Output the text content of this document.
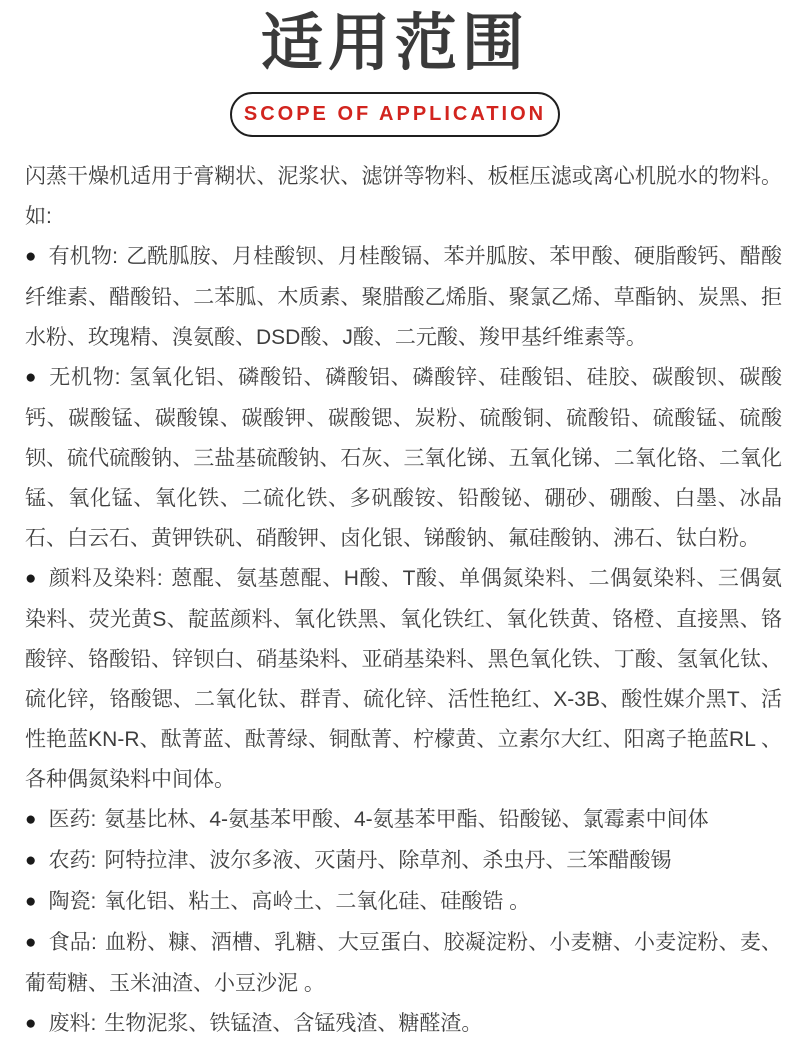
适用范围
SCOPE OF APPLICATION

闪蒸干燥机适用于膏糊状、泥浆状、滤饼等物料、板框压滤或离心机脱水的物料。如:

● 有机物: 乙酰胍胺、月桂酸钡、月桂酸镉、苯并胍胺、苯甲酸、硬脂酸钙、醋酸纤维素、醋酸铅、二苯胍、木质素、聚腊酸乙烯脂、聚氯乙烯、草酯钠、炭黑、拒水粉、玫瑰精、溴氨酸、DSD酸、J酸、二元酸、羧甲基纤维素等。

● 无机物: 氢氧化铝、磷酸铅、磷酸铝、磷酸锌、硅酸铝、硅胶、碳酸钡、碳酸钙、碳酸锰、碳酸镍、碳酸钾、碳酸锶、炭粉、硫酸铜、硫酸铅、硫酸锰、硫酸钡、硫代硫酸钠、三盐基硫酸钠、石灰、三氧化锑、五氧化锑、二氧化铬、二氧化锰、氧化锰、氧化铁、二硫化铁、多矾酸铵、铅酸铋、硼砂、硼酸、白墨、冰晶石、白云石、黄钾铁矾、硝酸钾、卤化银、锑酸钠、氟硅酸钠、沸石、钛白粉。

● 颜料及染料: 蒽醌、氨基蒽醌、H酸、T酸、单偶氮染料、二偶氨染料、三偶氨染料、荧光黄S、靛蓝颜料、氧化铁黑、氧化铁红、氧化铁黄、铬橙、直接黑、铬酸锌、铬酸铅、锌钡白、硝基染料、亚硝基染料、黑色氧化铁、丁酸、氢氧化钛、硫化锌，铬酸锶、二氧化钛、群青、硫化锌、活性艳红、X-3B、酸性媒介黑T、活性艳蓝KN-R、酞菁蓝、酞菁绿、铜酞菁、柠檬黄、立素尔大红、阳离子艳蓝RL 、各种偶氮染料中间体。

● 医药: 氨基比林、4-氨基苯甲酸、4-氨基苯甲酯、铅酸铋、氯霉素中间体

● 农药: 阿特拉津、波尔多液、灭菌丹、除草剂、杀虫丹、三笨醋酸锡

● 陶瓷: 氧化铝、粘土、高岭土、二氧化硅、硅酸锆 。

● 食品: 血粉、糠、酒槽、乳糖、大豆蛋白、胶凝淀粉、小麦糖、小麦淀粉、麦、葡萄糖、玉米油渣、小豆沙泥 。

● 废料: 生物泥浆、铁锰渣、含锰残渣、糖醛渣。
